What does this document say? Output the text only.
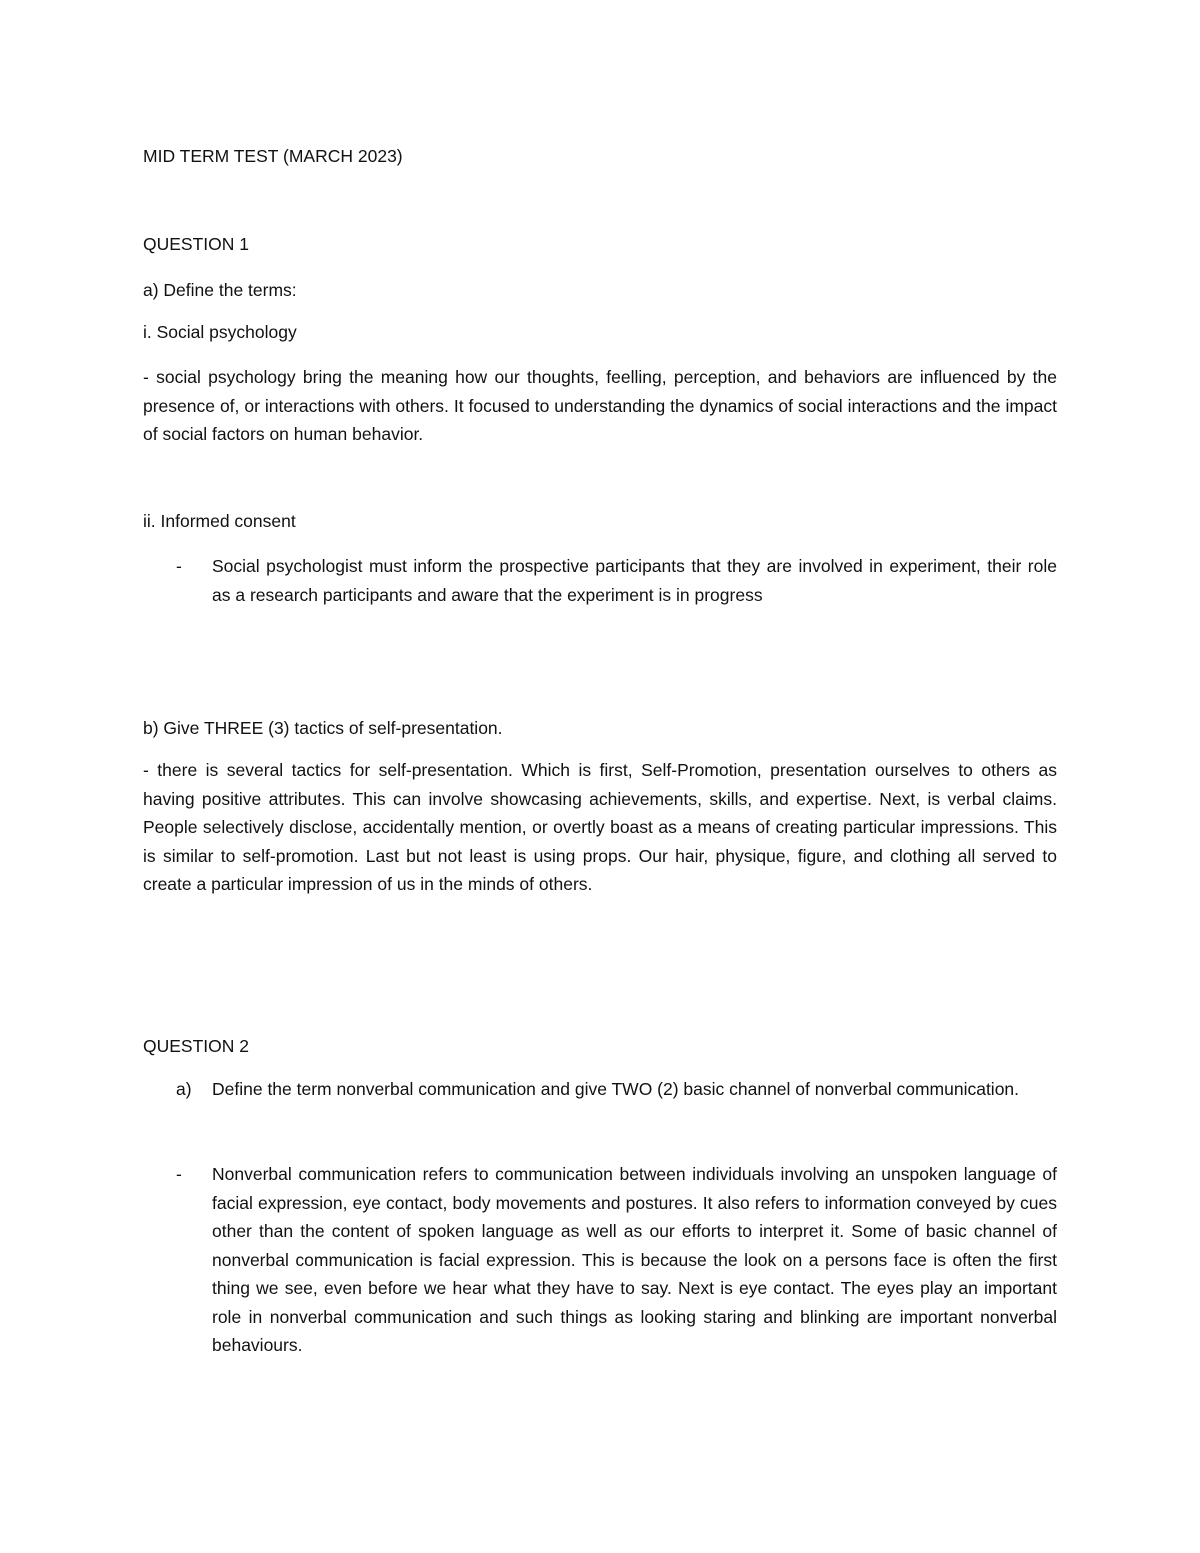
MID TERM TEST (MARCH 2023)

QUESTION 1

a) Define the terms:

i. Social psychology

- social psychology bring the meaning how our thoughts, feelling, perception, and behaviors are influenced by the presence of, or interactions with others. It focused to understanding the dynamics of social interactions and the impact of social factors on human behavior.

ii. Informed consent

- Social psychologist must inform the prospective participants that they are involved in experiment, their role as a research participants and aware that the experiment is in progress

b) Give THREE (3) tactics of self-presentation.

- there is several tactics for self-presentation. Which is first, Self-Promotion, presentation ourselves to others as having positive attributes. This can involve showcasing achievements, skills, and expertise. Next, is verbal claims. People selectively disclose, accidentally mention, or overtly boast as a means of creating particular impressions. This is similar to self-promotion. Last but not least is using props. Our hair, physique, figure, and clothing all served to create a particular impression of us in the minds of others.

QUESTION 2

a) Define the term nonverbal communication and give TWO (2) basic channel of nonverbal communication.
- Nonverbal communication refers to communication between individuals involving an unspoken language of facial expression, eye contact, body movements and postures. It also refers to information conveyed by cues other than the content of spoken language as well as our efforts to interpret it. Some of basic channel of nonverbal communication is facial expression. This is because the look on a persons face is often the first thing we see, even before we hear what they have to say. Next is eye contact. The eyes play an important role in nonverbal communication and such things as looking staring and blinking are important nonverbal behaviours.
